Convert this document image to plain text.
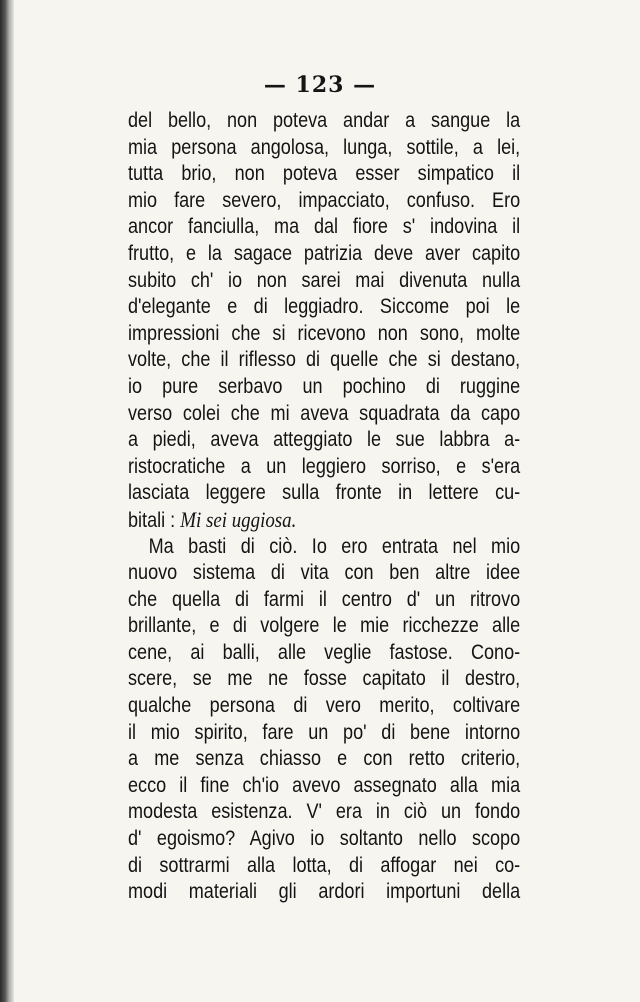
— 123 —
del bello, non poteva andar a sangue la
mia persona angolosa, lunga, sottile, a lei,
tutta brio, non poteva esser simpatico il
mio fare severo, impacciato, confuso. Ero
ancor fanciulla, ma dal fiore s' indovina il
frutto, e la sagace patrizia deve aver capito
subito ch' io non sarei mai divenuta nulla
d'elegante e di leggiadro. Siccome poi le
impressioni che si ricevono non sono, molte
volte, che il riflesso di quelle che si destano,
io pure serbavo un pochino di ruggine
verso colei che mi aveva squadrata da capo
a piedi, aveva atteggiato le sue labbra a-
ristocratiche a un leggiero sorriso, e s'era
lasciata leggere sulla fronte in lettere cu-
bitali : Mi sei uggiosa.
Ma basti di ciò. Io ero entrata nel mio
nuovo sistema di vita con ben altre idee
che quella di farmi il centro d' un ritrovo
brillante, e di volgere le mie ricchezze alle
cene, ai balli, alle veglie fastose. Cono-
scere, se me ne fosse capitato il destro,
qualche persona di vero merito, coltivare
il mio spirito, fare un po' di bene intorno
a me senza chiasso e con retto criterio,
ecco il fine ch'io avevo assegnato alla mia
modesta esistenza. V' era in ciò un fondo
d' egoismo? Agivo io soltanto nello scopo
di sottrarmi alla lotta, di affogar nei co-
modi materiali gli ardori importuni della
